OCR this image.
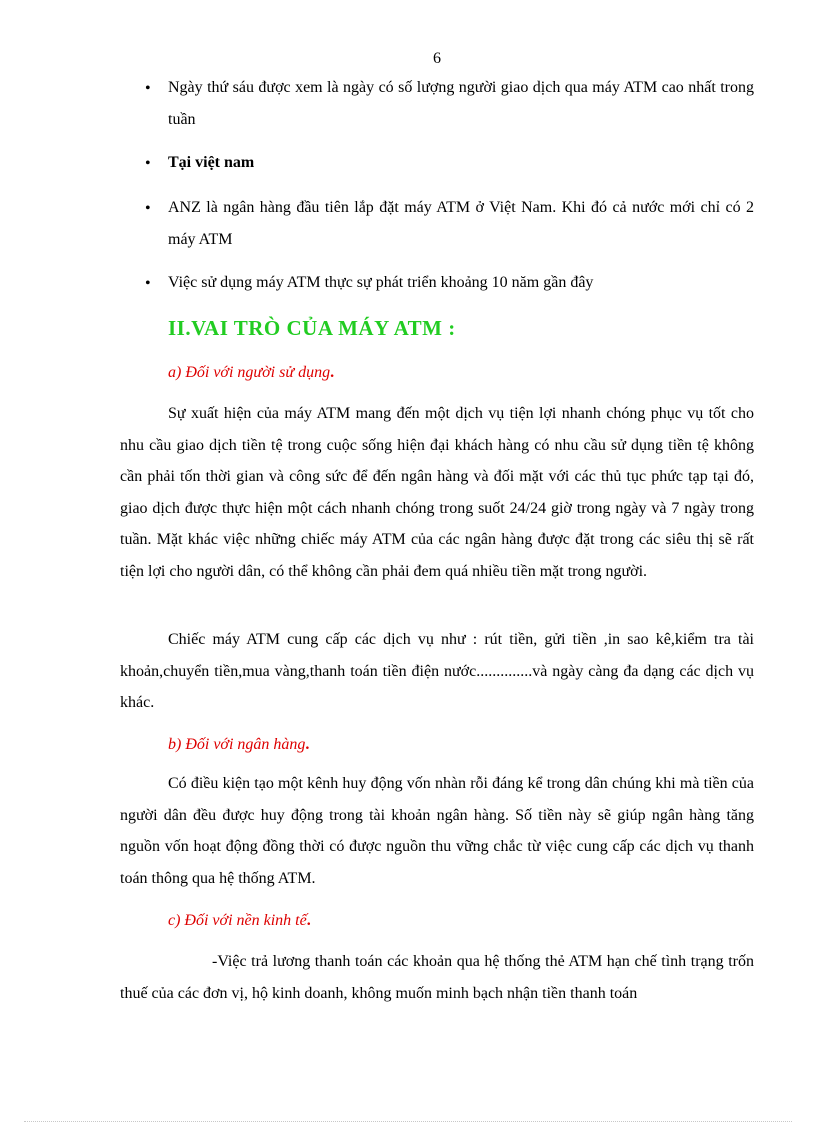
6
• Ngày thứ sáu được xem là ngày có số lượng người giao dịch qua máy ATM cao nhất trong tuần
• Tại việt nam
• ANZ là ngân hàng đầu tiên lắp đặt máy ATM ở Việt Nam. Khi đó cả nước mới chỉ có 2 máy ATM
• Việc sử dụng máy ATM thực sự phát triển khoảng 10 năm gần đây
II.VAI TRÒ CỦA MÁY ATM :
a) Đối với người sử dụng.
Sự xuất hiện của máy ATM mang đến một dịch vụ tiện lợi nhanh chóng phục vụ tốt cho nhu cầu giao dịch tiền tệ trong cuộc sống hiện đại khách hàng có nhu cầu sử dụng tiền tệ không cần phải tốn thời gian và công sức để đến ngân hàng và đối mặt với các thủ tục phức tạp tại đó, giao dịch được thực hiện một cách nhanh chóng trong suốt 24/24 giờ trong ngày và 7 ngày trong tuần. Mặt khác việc những chiếc máy ATM của các ngân hàng được đặt trong các siêu thị sẽ rất tiện lợi cho người dân, có thể không cần phải đem quá nhiều tiền mặt trong người.
Chiếc máy ATM cung cấp các dịch vụ như : rút tiền, gửi tiền ,in sao kê,kiểm tra tài khoản,chuyển tiền,mua vàng,thanh toán tiền điện nước..............và ngày càng đa dạng các dịch vụ khác.
b) Đối với ngân hàng.
Có điều kiện tạo một kênh huy động vốn nhàn rỗi đáng kể trong dân chúng khi mà tiền của người dân đều được huy động trong tài khoản ngân hàng. Số tiền này sẽ giúp ngân hàng tăng nguồn vốn hoạt động đồng thời có được nguồn thu vững chắc từ việc cung cấp các dịch vụ thanh toán thông qua hệ thống ATM.
c) Đối với nền kinh tế.
-Việc trả lương thanh toán các khoản qua hệ thống thẻ ATM hạn chế tình trạng trốn thuế của các đơn vị, hộ kinh doanh, không muốn minh bạch nhận tiền thanh toán
